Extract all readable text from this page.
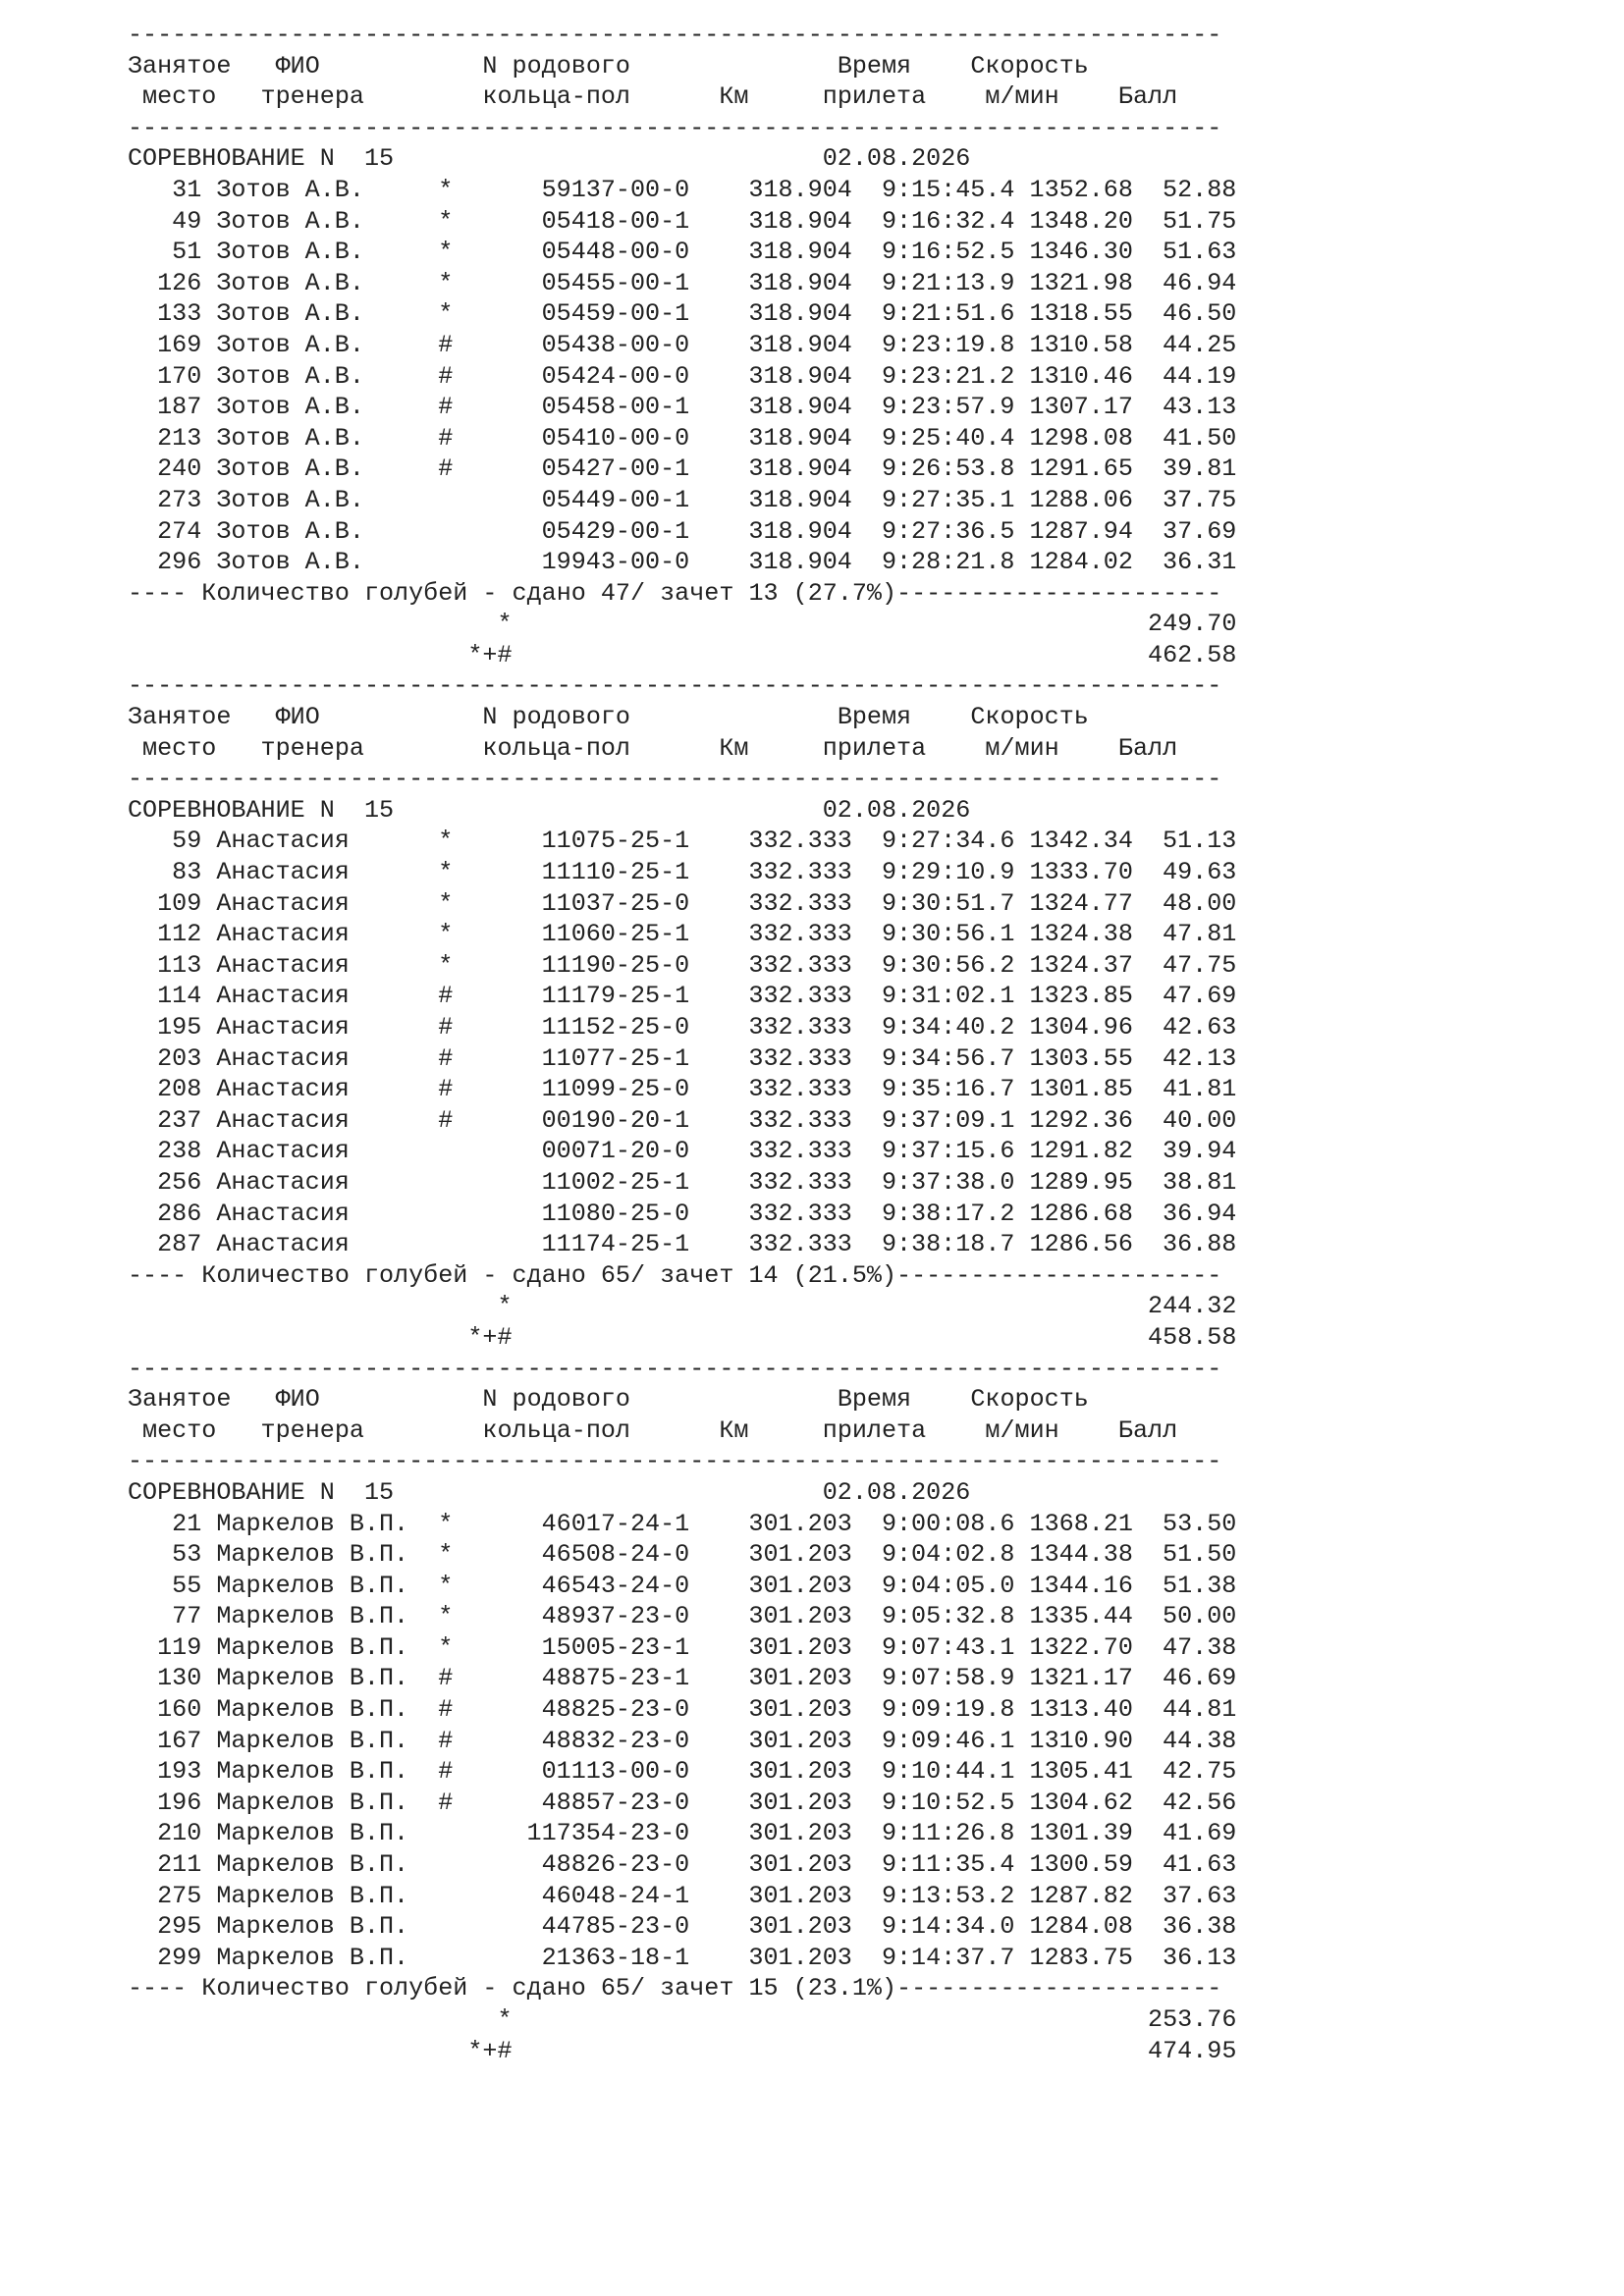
--------------------------------------------------------------------------
Занятое   ФИО           N родового              Время    Скорость
место   тренера        кольца-пол      Км     прилета    м/мин    Балл
--------------------------------------------------------------------------
СОРЕВНОВАНИЕ N  15	02.08.2026
31 Зотов А.В.	*	59137-00-0 318.904 9:15:45.4 1352.68 52.88
49 Зотов А.В.	*	05418-00-1 318.904 9:16:32.4 1348.20 51.75
51 Зотов А.В.	*	05448-00-0 318.904 9:16:52.5 1346.30 51.63
126 Зотов А.В.	*	05455-00-1 318.904 9:21:13.9 1321.98 46.94
133 Зотов А.В.	*	05459-00-1 318.904 9:21:51.6 1318.55 46.50
169 Зотов А.В.	#	05438-00-0 318.904 9:23:19.8 1310.58 44.25
170 Зотов А.В.	#	05424-00-0 318.904 9:23:21.2 1310.46 44.19
187 Зотов А.В.	#	05458-00-1 318.904 9:23:57.9 1307.17 43.13
213 Зотов А.В.	#	05410-00-0 318.904 9:25:40.4 1298.08 41.50
240 Зотов А.В.	#	05427-00-1 318.904 9:26:53.8 1291.65 39.81
273 Зотов А.В.	05449-00-1 318.904 9:27:35.1 1288.06 37.75
274 Зотов А.В.	05429-00-1 318.904 9:27:36.5 1287.94 37.69
296 Зотов А.В.	19943-00-0 318.904 9:28:21.8 1284.02 36.31
---- Количество голубей - сдано 47/ зачет 13 (27.7%)----------------------
*	249.70
*+#	462.58
--------------------------------------------------------------------------
Занятое   ФИО           N родового              Время    Скорость
место   тренера        кольца-пол      Км     прилета    м/мин    Балл
--------------------------------------------------------------------------
СОРЕВНОВАНИЕ N  15	02.08.2026
59 Анастасия	*	11075-25-1 332.333 9:27:34.6 1342.34 51.13
83 Анастасия	*	11110-25-1 332.333 9:29:10.9 1333.70 49.63
109 Анастасия	*	11037-25-0 332.333 9:30:51.7 1324.77 48.00
112 Анастасия	*	11060-25-1 332.333 9:30:56.1 1324.38 47.81
113 Анастасия	*	11190-25-0 332.333 9:30:56.2 1324.37 47.75
114 Анастасия	#	11179-25-1 332.333 9:31:02.1 1323.85 47.69
195 Анастасия	#	11152-25-0 332.333 9:34:40.2 1304.96 42.63
203 Анастасия	#	11077-25-1 332.333 9:34:56.7 1303.55 42.13
208 Анастасия	#	11099-25-0 332.333 9:35:16.7 1301.85 41.81
237 Анастасия	#	00190-20-1 332.333 9:37:09.1 1292.36 40.00
238 Анастасия	00071-20-0 332.333 9:37:15.6 1291.82 39.94
256 Анастасия	11002-25-1 332.333 9:37:38.0 1289.95 38.81
286 Анастасия	11080-25-0 332.333 9:38:17.2 1286.68 36.94
287 Анастасия	11174-25-1 332.333 9:38:18.7 1286.56 36.88
---- Количество голубей - сдано 65/ зачет 14 (21.5%)----------------------
*	244.32
*+#	458.58
--------------------------------------------------------------------------
Занятое   ФИО           N родового              Время    Скорость
место   тренера        кольца-пол      Км     прилета    м/мин    Балл
--------------------------------------------------------------------------
СОРЕВНОВАНИЕ N  15	02.08.2026
21 Маркелов В.П. *	46017-24-1 301.203 9:00:08.6 1368.21 53.50
53 Маркелов В.П. *	46508-24-0 301.203 9:04:02.8 1344.38 51.50
55 Маркелов В.П. *	46543-24-0 301.203 9:04:05.0 1344.16 51.38
77 Маркелов В.П. *	48937-23-0 301.203 9:05:32.8 1335.44 50.00
119 Маркелов В.П. *	15005-23-1 301.203 9:07:43.1 1322.70 47.38
130 Маркелов В.П. #	48875-23-1 301.203 9:07:58.9 1321.17 46.69
160 Маркелов В.П. #	48825-23-0 301.203 9:09:19.8 1313.40 44.81
167 Маркелов В.П. #	48832-23-0 301.203 9:09:46.1 1310.90 44.38
193 Маркелов В.П. #	01113-00-0 301.203 9:10:44.1 1305.41 42.75
196 Маркелов В.П. #	48857-23-0 301.203 9:10:52.5 1304.62 42.56
210 Маркелов В.П.	117354-23-0 301.203 9:11:26.8 1301.39 41.69
211 Маркелов В.П.	48826-23-0 301.203 9:11:35.4 1300.59 41.63
275 Маркелов В.П.	46048-24-1 301.203 9:13:53.2 1287.82 37.63
295 Маркелов В.П.	44785-23-0 301.203 9:14:34.0 1284.08 36.38
299 Маркелов В.П.	21363-18-1 301.203 9:14:37.7 1283.75 36.13
---- Количество голубей - сдано 65/ зачет 15 (23.1%)----------------------
*	253.76
*+#	474.95
